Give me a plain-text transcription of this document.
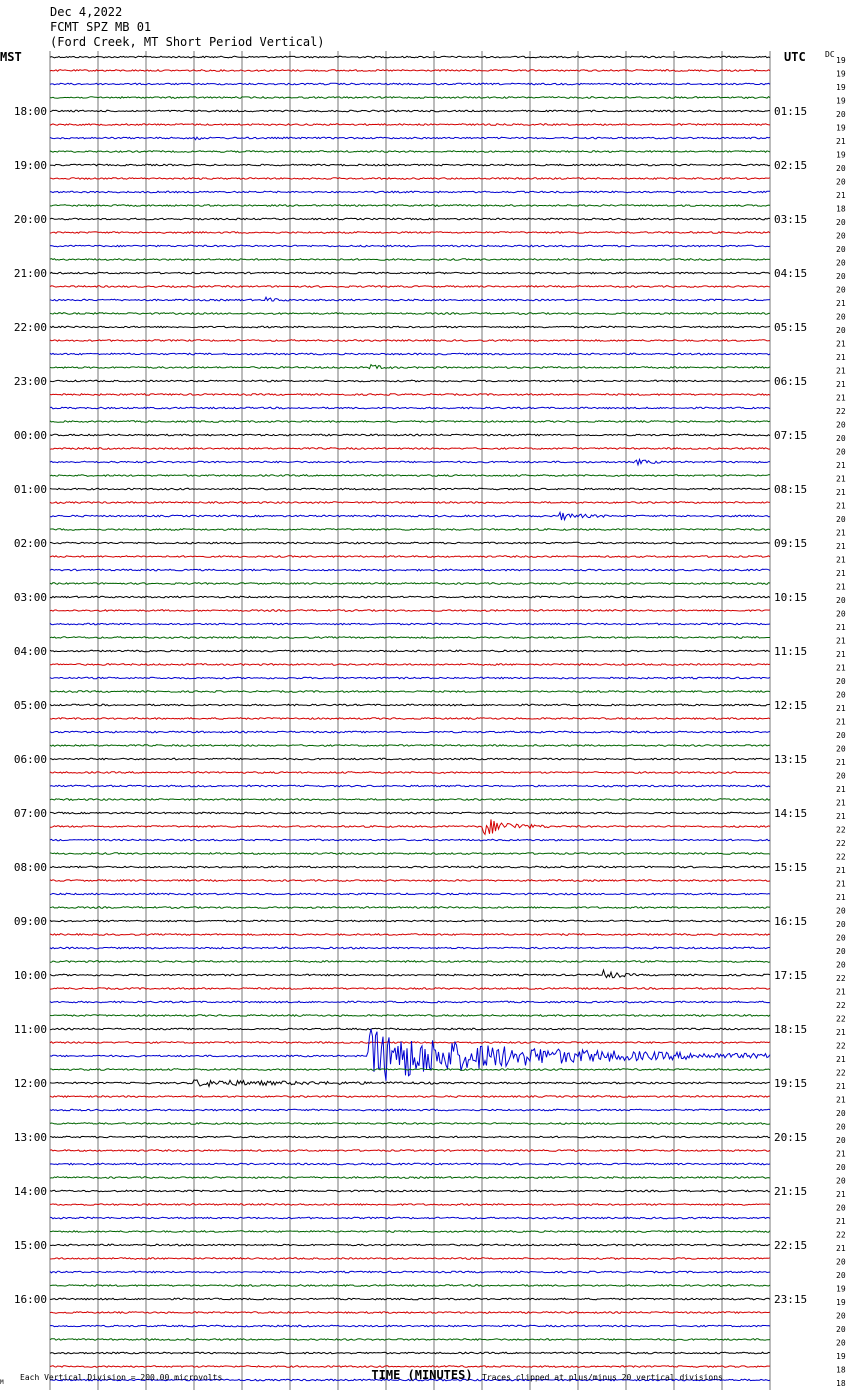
Dec 4,2022
FCMT SPZ MB 01
(Ford Creek, MT Short Period Vertical)
MST	UTC DC
18:00
19:00
20:00
21:00
22:00
23:00
00:00
01:00
02:00
03:00
04:00
05:00
06:00
07:00
08:00
09:00
10:00
11:00
12:00
13:00
14:00
15:00
16:00
01:15
02:15
03:15
04:15
05:15
06:15
07:15
08:15
09:15
10:15
11:15
12:15
13:15
14:15
15:15
16:15
17:15
18:15
19:15
20:15
21:15
22:15
23:15
19
19
19
19
20
19
21
19
20
20
21
18
20
20
20
20
20
20
21
20
20
21
21
21
21
21
22
20
20
20
21
21
21
21
20
21
21
21
21
21
20
20
21
21
21
21
20
20
21
21
20
20
21
20
21
21
21
22
22
22
21
21
21
20
20
20
20
20
22
21
22
22
21
22
21
22
21
21
20
20
20
21
20
20
21
20
21
22
21
20
20
19
19
20
20
20
19
18
18
TIME (MINUTES)
M
Each Vertical Division = 200.00 microvolts	Traces clipped at plus/minus 20 vertical divisions
